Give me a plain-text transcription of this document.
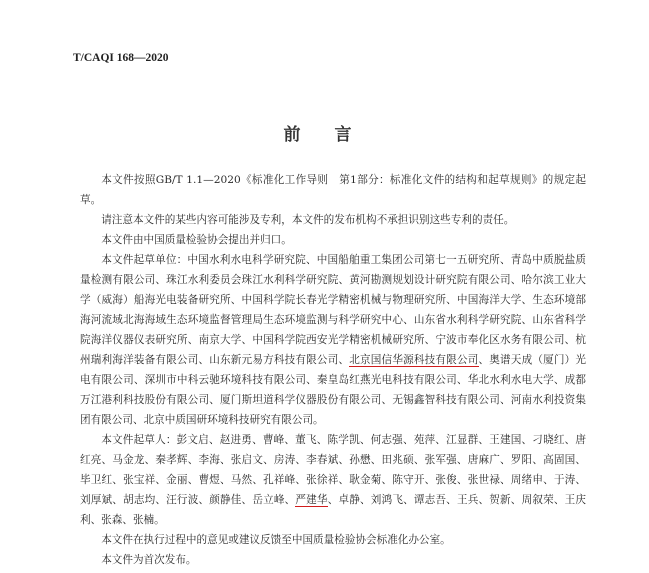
T/CAQI 168—2020
前 言

本文件按照GB/T 1.1—2020《标准化工作导则　第1部分：标准化文件的结构和起草规则》的规定起草。

请注意本文件的某些内容可能涉及专利，本文件的发布机构不承担识别这些专利的责任。

本文件由中国质量检验协会提出并归口。

本文件起草单位：中国水利水电科学研究院、中国船舶重工集团公司第七一五研究所、青岛中质脱盐质量检测有限公司、珠江水利委员会珠江水利科学研究院、黄河勘测规划设计研究院有限公司、哈尔滨工业大学（威海）船海光电装备研究所、中国科学院长春光学精密机械与物理研究所、中国海洋大学、生态环境部海河流域北海海域生态环境监督管理局生态环境监测与科学研究中心、山东省水利科学研究院、山东省科学院海洋仪器仪表研究所、南京大学、中国科学院西安光学精密机械研究所、宁波市奉化区水务有限公司、杭州瑞利海洋装备有限公司、山东新元易方科技有限公司、北京国信华源科技有限公司、奥谱天成（厦门）光电有限公司、深圳市中科云驰环境科技有限公司、秦皇岛红燕光电科技有限公司、华北水利水电大学、成都万江港利科技股份有限公司、厦门斯坦道科学仪器股份有限公司、无锡鑫智科技有限公司、河南水利投资集团有限公司、北京中质国研环境科技研究有限公司。

本文件起草人：彭文启、赵进勇、曹峰、董飞、陈学凯、何志强、苑萍、江显群、王建国、刁晓红、唐红亮、马金龙、秦孝辉、李海、张启文、房涛、李春斌、孙懋、田兆硕、张军强、唐麻广、罗阳、高固国、毕卫红、张宝祥、金丽、曹煜、马然、孔祥峰、张徐祥、耿金菊、陈守开、张俊、张世禄、周绪申、于涛、刘厚斌、胡志均、汪行波、颜静佳、岳立峰、严建华、卓静、刘鸿飞、谭志吾、王兵、贺新、周叙荣、王庆利、张森、张楠。

本文件在执行过程中的意见或建议反馈至中国质量检验协会标准化办公室。

本文件为首次发布。
